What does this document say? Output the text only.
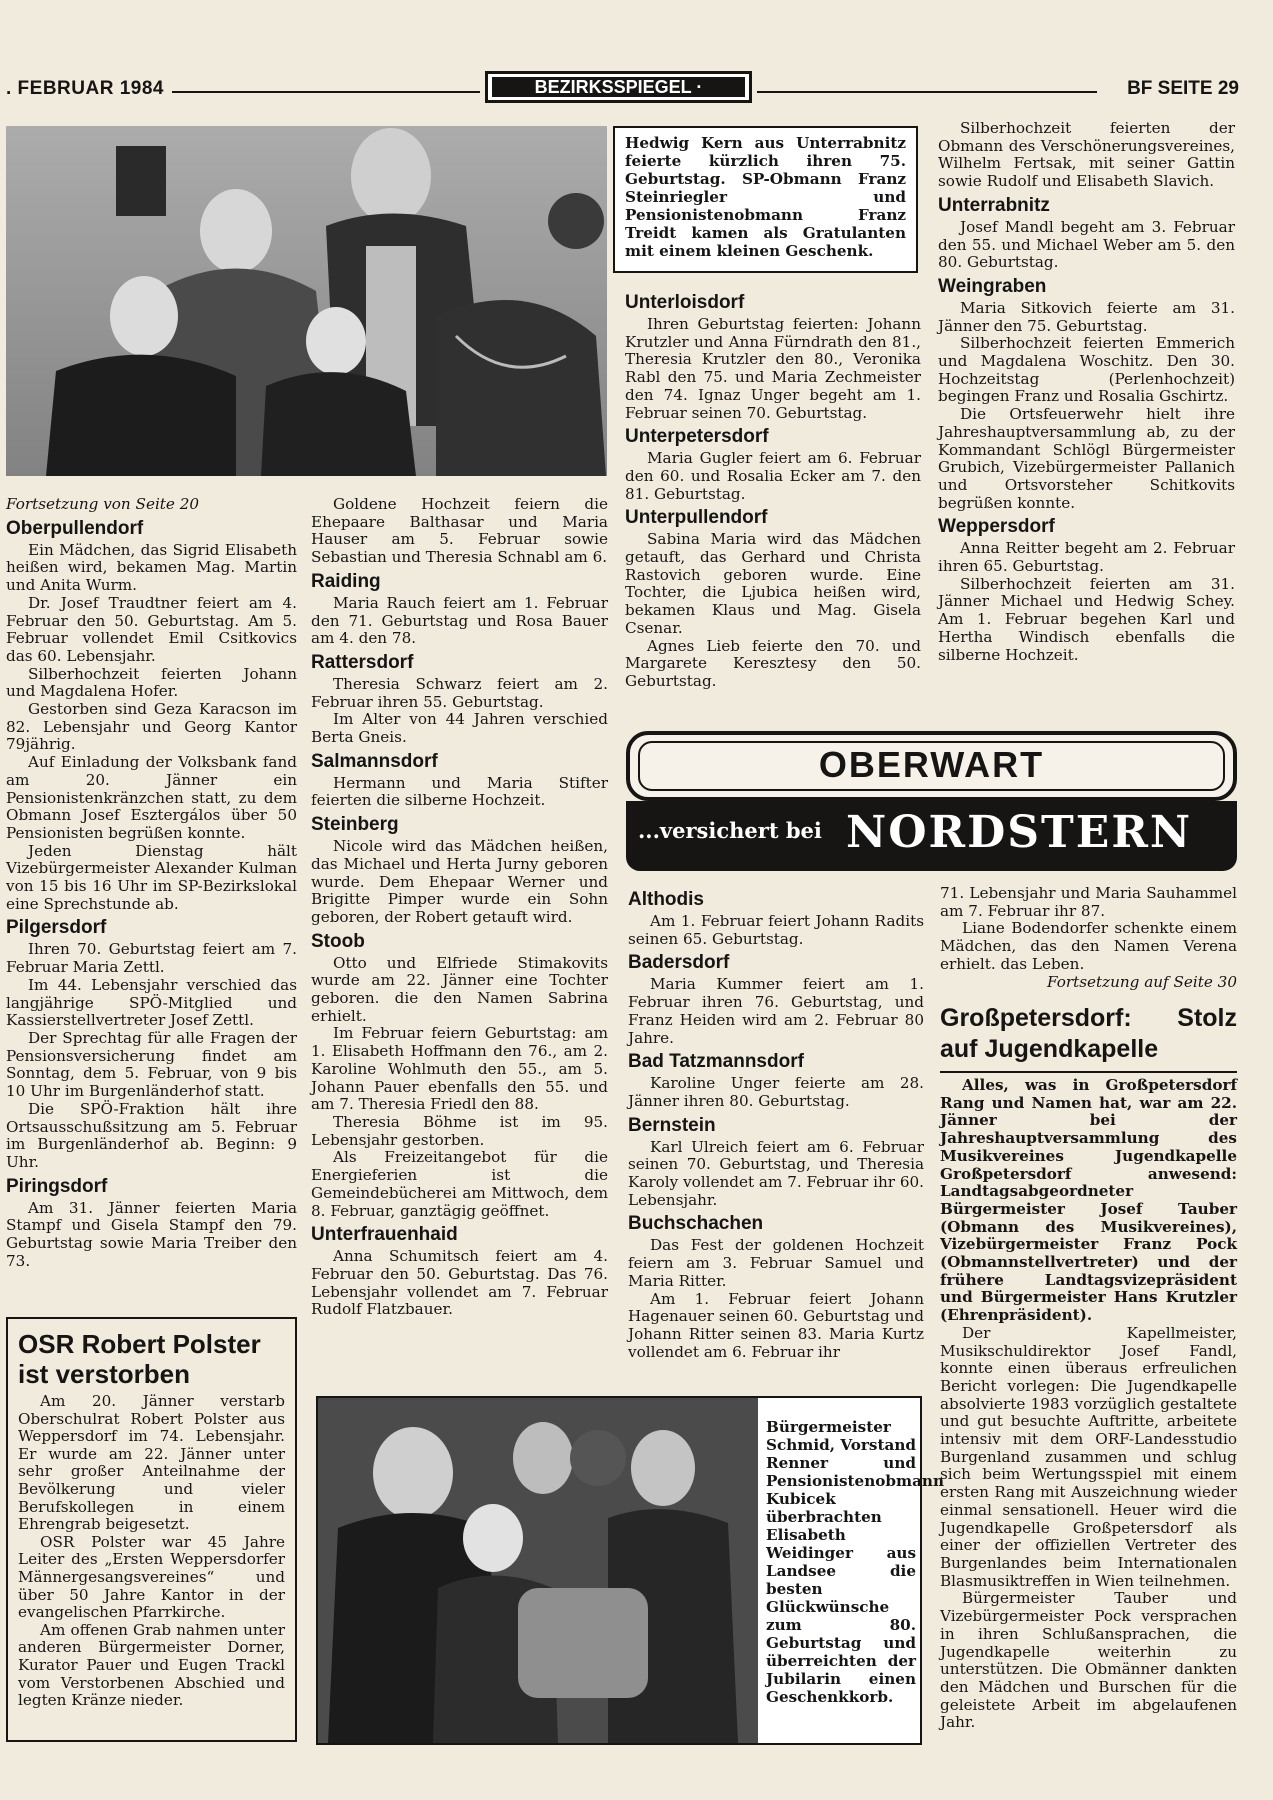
. FEBRUAR 1984	BEZIRKSSPIEGEL ·	BF SEITE 29
Hedwig Kern aus Unterrabnitz feierte kürzlich ihren 75. Geburtstag. SP-Obmann Franz Steinriegler und Pensionistenobmann Franz Treidt kamen als Gratulanten mit einem kleinen Geschenk.

Fortsetzung von Seite 20

Oberpullendorf

Ein Mädchen, das Sigrid Elisabeth heißen wird, bekamen Mag. Martin und Anita Wurm.

Dr. Josef Traudtner feiert am 4. Februar den 50. Geburtstag. Am 5. Februar vollendet Emil Csitkovics das 60. Lebensjahr.

Silberhochzeit feierten Johann und Magdalena Hofer.

Gestorben sind Geza Karacson im 82. Lebensjahr und Georg Kantor 79jährig.

Auf Einladung der Volksbank fand am 20. Jänner ein Pensionistenkränzchen statt, zu dem Obmann Josef Esztergálos über 50 Pensionisten begrüßen konnte.

Jeden Dienstag hält Vizebürgermeister Alexander Kulman von 15 bis 16 Uhr im SP-Bezirkslokal eine Sprechstunde ab.

Pilgersdorf

Ihren 70. Geburtstag feiert am 7. Februar Maria Zettl.

Im 44. Lebensjahr verschied das langjährige SPÖ-Mitglied und Kassierstellvertreter Josef Zettl.

Der Sprechtag für alle Fragen der Pensionsversicherung findet am Sonntag, dem 5. Februar, von 9 bis 10 Uhr im Burgenländerhof statt.

Die SPÖ-Fraktion hält ihre Ortsausschußsitzung am 5. Februar im Burgenländerhof ab. Beginn: 9 Uhr.

Piringsdorf

Am 31. Jänner feierten Maria Stampf und Gisela Stampf den 79. Geburtstag sowie Maria Treiber den 73.

OSR Robert Polster ist verstorben

Am 20. Jänner verstarb Oberschulrat Robert Polster aus Weppersdorf im 74. Lebensjahr. Er wurde am 22. Jänner unter sehr großer Anteilnahme der Bevölkerung und vieler Berufskollegen in einem Ehrengrab beigesetzt.

OSR Polster war 45 Jahre Leiter des „Ersten Weppersdorfer Männergesangsvereines“ und über 50 Jahre Kantor in der evangelischen Pfarrkirche.

Am offenen Grab nahmen unter anderen Bürgermeister Dorner, Kurator Pauer und Eugen Trackl vom Verstorbenen Abschied und legten Kränze nieder.

Goldene Hochzeit feiern die Ehepaare Balthasar und Maria Hauser am 5. Februar sowie Sebastian und Theresia Schnabl am 6.

Raiding

Maria Rauch feiert am 1. Februar den 71. Geburtstag und Rosa Bauer am 4. den 78.

Rattersdorf

Theresia Schwarz feiert am 2. Februar ihren 55. Geburtstag.

Im Alter von 44 Jahren verschied Berta Gneis.

Salmannsdorf

Hermann und Maria Stifter feierten die silberne Hochzeit.

Steinberg

Nicole wird das Mädchen heißen, das Michael und Herta Jurny geboren wurde. Dem Ehepaar Werner und Brigitte Pimper wurde ein Sohn geboren, der Robert getauft wird.

Stoob

Otto und Elfriede Stimakovits wurde am 22. Jänner eine Tochter geboren. die den Namen Sabrina erhielt.

Im Februar feiern Geburtstag: am 1. Elisabeth Hoffmann den 76., am 2. Karoline Wohlmuth den 55., am 5. Johann Pauer ebenfalls den 55. und am 7. Theresia Friedl den 88.

Theresia Böhme ist im 95. Lebensjahr gestorben.

Als Freizeitangebot für die Energieferien ist die Gemeindebücherei am Mittwoch, dem 8. Februar, ganztägig geöffnet.

Unterfrauenhaid

Anna Schumitsch feiert am 4. Februar den 50. Geburtstag. Das 76. Lebensjahr vollendet am 7. Februar Rudolf Flatzbauer.

Unterloisdorf

Ihren Geburtstag feierten: Johann Krutzler und Anna Fürndrath den 81., Theresia Krutzler den 80., Veronika Rabl den 75. und Maria Zechmeister den 74. Ignaz Unger begeht am 1. Februar seinen 70. Geburtstag.

Unterpetersdorf

Maria Gugler feiert am 6. Februar den 60. und Rosalia Ecker am 7. den 81. Geburtstag.

Unterpullendorf

Sabina Maria wird das Mädchen getauft, das Gerhard und Christa Rastovich geboren wurde. Eine Tochter, die Ljubica heißen wird, bekamen Klaus und Mag. Gisela Csenar.

Agnes Lieb feierte den 70. und Margarete Keresztesy den 50. Geburtstag.

Silberhochzeit feierten der Obmann des Verschönerungsvereines, Wilhelm Fertsak, mit seiner Gattin sowie Rudolf und Elisabeth Slavich.

Unterrabnitz

Josef Mandl begeht am 3. Februar den 55. und Michael Weber am 5. den 80. Geburtstag.

Weingraben

Maria Sitkovich feierte am 31. Jänner den 75. Geburtstag.

Silberhochzeit feierten Emmerich und Magdalena Woschitz. Den 30. Hochzeitstag (Perlenhochzeit) begingen Franz und Rosalia Gschirtz.

Die Ortsfeuerwehr hielt ihre Jahreshauptversammlung ab, zu der Kommandant Schlögl Bürgermeister Grubich, Vizebürgermeister Pallanich und Ortsvorsteher Schitkovits begrüßen konnte.

Weppersdorf

Anna Reitter begeht am 2. Februar ihren 65. Geburtstag.

Silberhochzeit feierten am 31. Jänner Michael und Hedwig Schey. Am 1. Februar begehen Karl und Hertha Windisch ebenfalls die silberne Hochzeit.

OBERWART
...versichert bei NORDSTERN
Althodis

Am 1. Februar feiert Johann Radits seinen 65. Geburtstag.

Badersdorf

Maria Kummer feiert am 1. Februar ihren 76. Geburtstag, und Franz Heiden wird am 2. Februar 80 Jahre.

Bad Tatzmannsdorf

Karoline Unger feierte am 28. Jänner ihren 80. Geburtstag.

Bernstein

Karl Ulreich feiert am 6. Februar seinen 70. Geburtstag, und Theresia Karoly vollendet am 7. Februar ihr 60. Lebensjahr.

Buchschachen

Das Fest der goldenen Hochzeit feiern am 3. Februar Samuel und Maria Ritter.

Am 1. Februar feiert Johann Hagenauer seinen 60. Geburtstag und Johann Ritter seinen 83. Maria Kurtz vollendet am 6. Februar ihr

71. Lebensjahr und Maria Sauhammel am 7. Februar ihr 87.

Liane Bodendorfer schenkte einem Mädchen, das den Namen Verena erhielt. das Leben.

Fortsetzung auf Seite 30

Großpetersdorf: Stolz auf Jugendkapelle

Alles, was in Großpetersdorf Rang und Namen hat, war am 22. Jänner bei der Jahreshauptversammlung des Musikvereines Jugendkapelle Großpetersdorf anwesend: Landtagsabgeordneter Bürgermeister Josef Tauber (Obmann des Musikvereines), Vizebürgermeister Franz Pock (Obmannstellvertreter) und der frühere Landtagsvizepräsident und Bürgermeister Hans Krutzler (Ehrenpräsident).

Der Kapellmeister, Musikschuldirektor Josef Fandl, konnte einen überaus erfreulichen Bericht vorlegen: Die Jugendkapelle absolvierte 1983 vorzüglich gestaltete und gut besuchte Auftritte, arbeitete intensiv mit dem ORF-Landesstudio Burgenland zusammen und schlug sich beim Wertungsspiel mit einem ersten Rang mit Auszeichnung wieder einmal sensationell. Heuer wird die Jugendkapelle Großpetersdorf als einer der offiziellen Vertreter des Burgenlandes beim Internationalen Blasmusiktreffen in Wien teilnehmen.

Bürgermeister Tauber und Vizebürgermeister Pock versprachen in ihren Schlußansprachen, die Jugendkapelle weiterhin zu unterstützen. Die Obmänner dankten den Mädchen und Burschen für die geleistete Arbeit im abgelaufenen Jahr.

Bürgermeister Schmid, Vorstand Renner und Pensionistenobmann Kubicek überbrachten Elisabeth Weidinger aus Landsee die besten Glückwünsche zum 80. Geburtstag und überreichten der Jubilarin einen Geschenkkorb.
